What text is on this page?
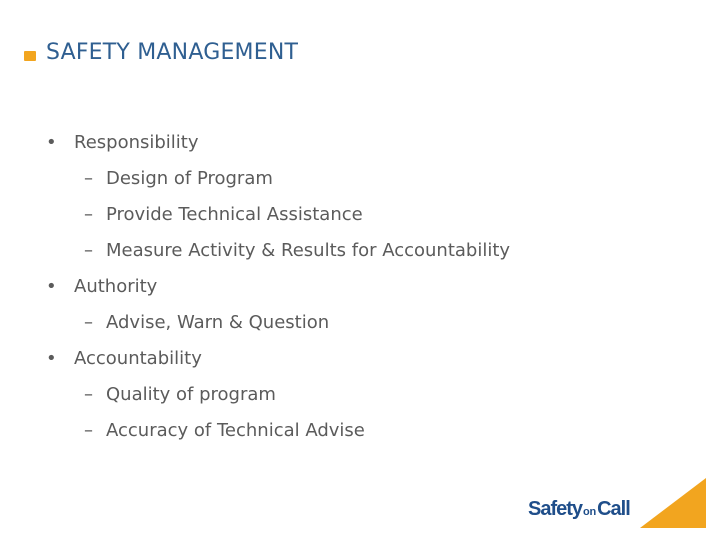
SAFETY MANAGEMENT
• Responsibility
– Design of Program
– Provide Technical Assistance
– Measure Activity & Results for Accountability
• Authority
– Advise, Warn & Question
• Accountability
– Quality of program
– Accuracy of Technical Advise
Safety on Call
